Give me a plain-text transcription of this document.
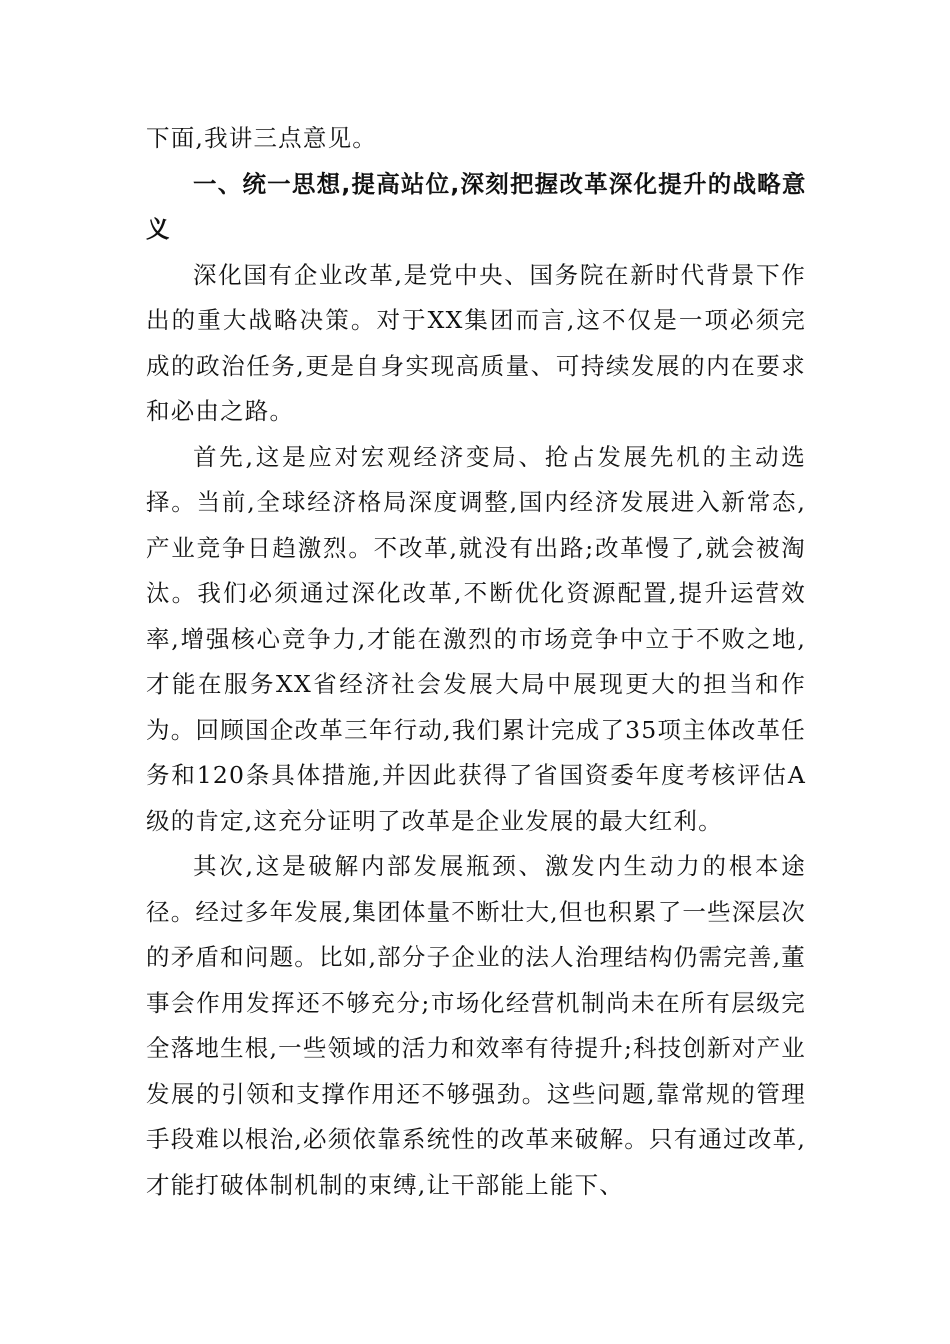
下面,我讲三点意见。

一、统一思想,提高站位,深刻把握改革深化提升的战略意义

深化国有企业改革,是党中央、国务院在新时代背景下作出的重大战略决策。对于XX集团而言,这不仅是一项必须完成的政治任务,更是自身实现高质量、可持续发展的内在要求和必由之路。

首先,这是应对宏观经济变局、抢占发展先机的主动选择。当前,全球经济格局深度调整,国内经济发展进入新常态,产业竞争日趋激烈。不改革,就没有出路;改革慢了,就会被淘汰。我们必须通过深化改革,不断优化资源配置,提升运营效率,增强核心竞争力,才能在激烈的市场竞争中立于不败之地,才能在服务XX省经济社会发展大局中展现更大的担当和作为。回顾国企改革三年行动,我们累计完成了35项主体改革任务和120条具体措施,并因此获得了省国资委年度考核评估A级的肯定,这充分证明了改革是企业发展的最大红利。

其次,这是破解内部发展瓶颈、激发内生动力的根本途径。经过多年发展,集团体量不断壮大,但也积累了一些深层次的矛盾和问题。比如,部分子企业的法人治理结构仍需完善,董事会作用发挥还不够充分;市场化经营机制尚未在所有层级完全落地生根,一些领域的活力和效率有待提升;科技创新对产业发展的引领和支撑作用还不够强劲。这些问题,靠常规的管理手段难以根治,必须依靠系统性的改革来破解。只有通过改革,才能打破体制机制的束缚,让干部能上能下、
